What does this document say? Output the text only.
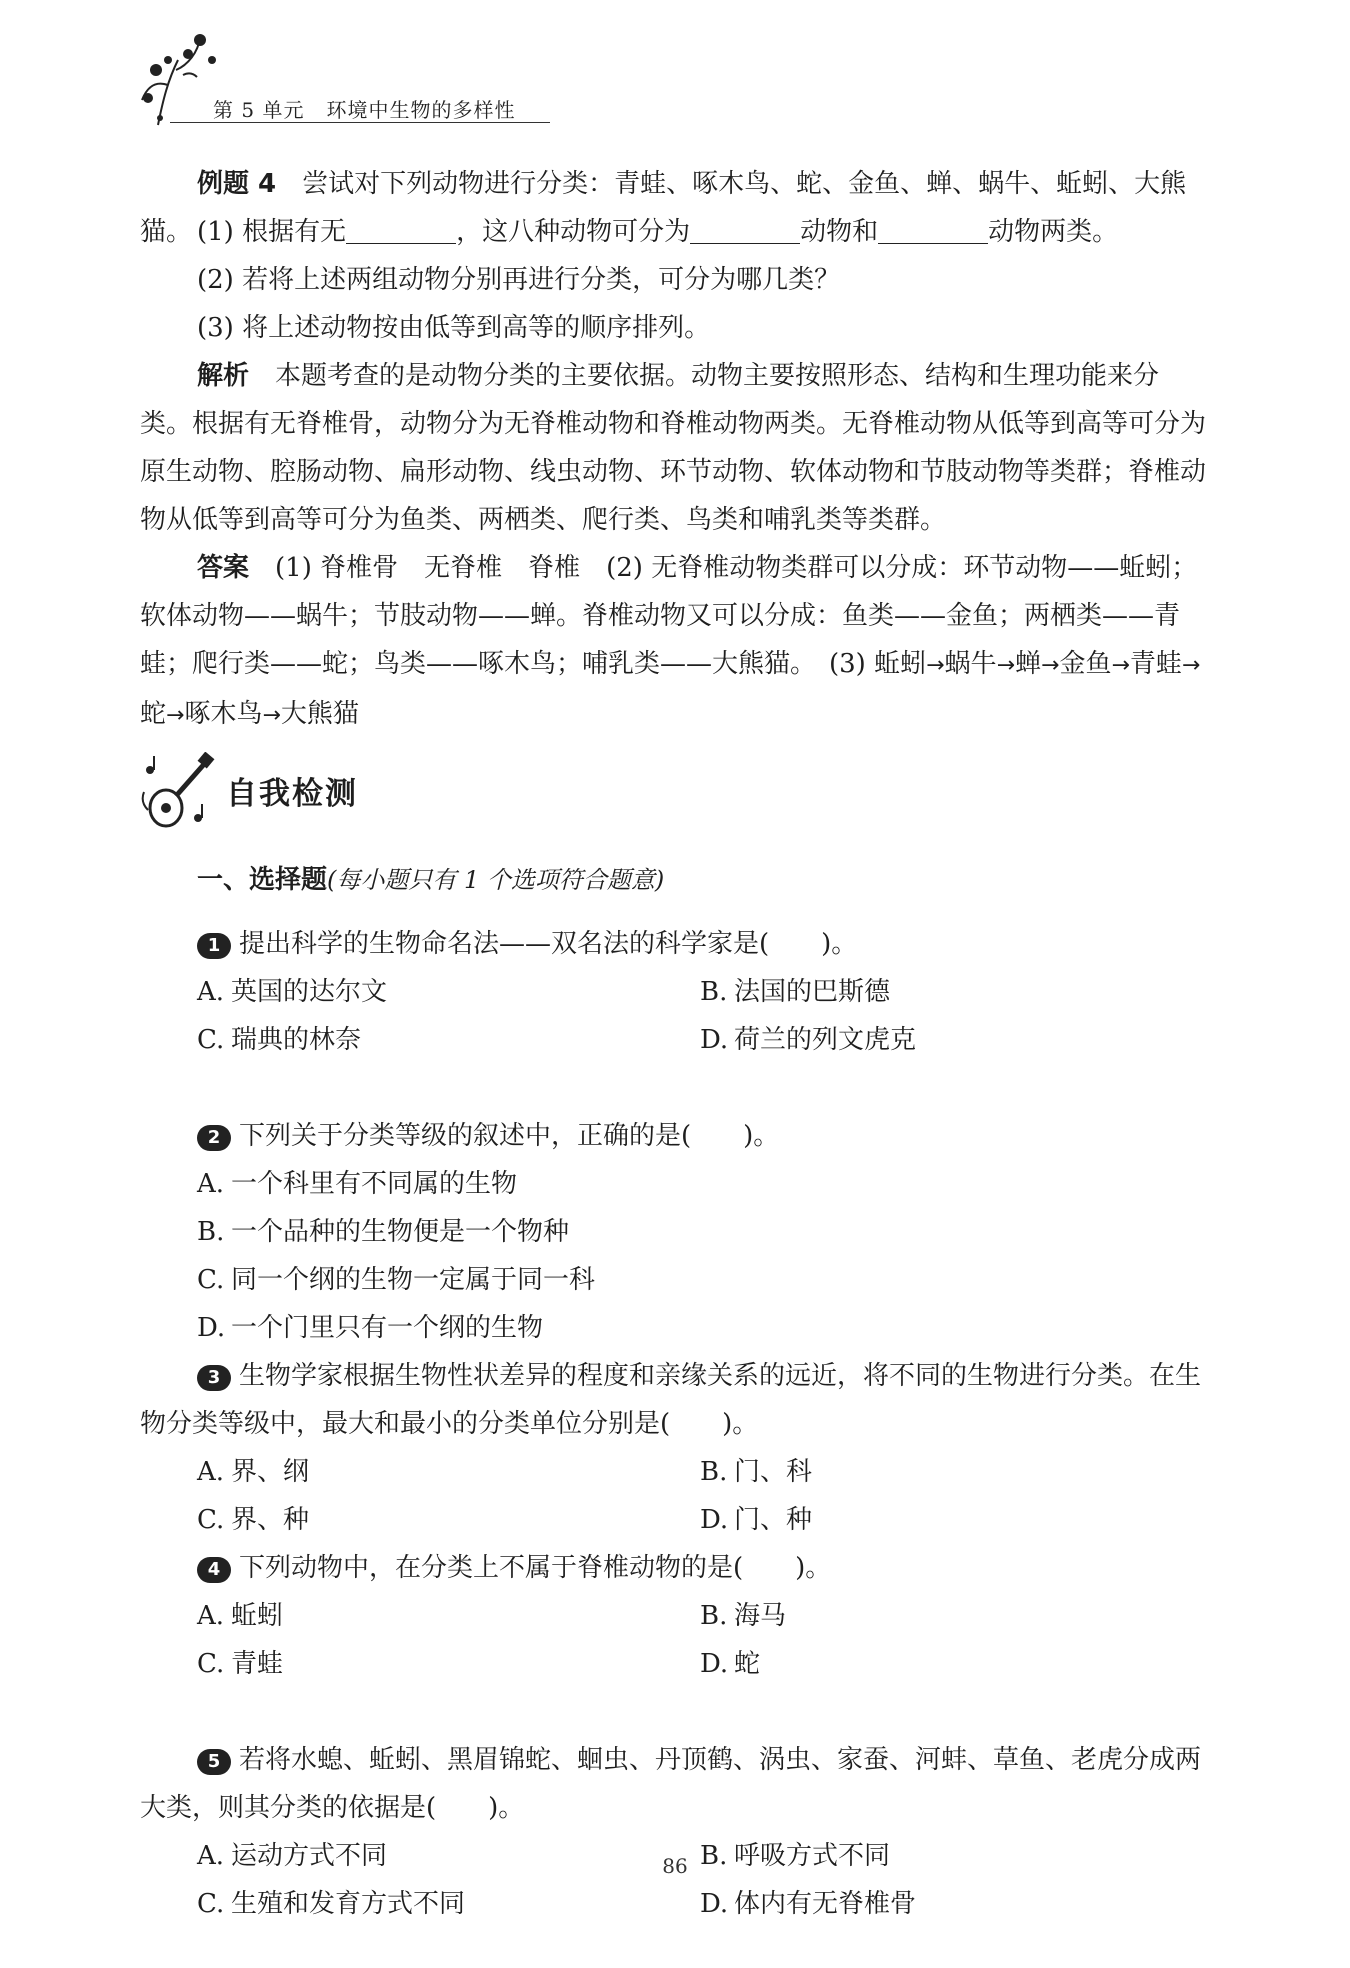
第 5 单元 环境中生物的多样性
例题 4　 尝试对下列动物进行分类：青蛙、啄木鸟、蛇、金鱼、蝉、蜗牛、蚯蚓、大熊猫。 (1) 根据有无	，这八种动物可分为	动物和	动物两类。
(2) 若将上述两组动物分别再进行分类，可分为哪几类？
(3) 将上述动物按由低等到高等的顺序排列。
解析　 本题考查的是动物分类的主要依据。动物主要按照形态、结构和生理功能来分类。根据有无脊椎骨，动物分为无脊椎动物和脊椎动物两类。无脊椎动物从低等到高等可分为原生动物、腔肠动物、扁形动物、线虫动物、环节动物、软体动物和节肢动物等类群；脊椎动物从低等到高等可分为鱼类、两栖类、爬行类、鸟类和哺乳类等类群。
答案　 (1) 脊椎骨　无脊椎　脊椎　(2) 无脊椎动物类群可以分成：环节动物——蚯蚓；软体动物——蜗牛；节肢动物——蝉。脊椎动物又可以分成：鱼类——金鱼；两栖类——青蛙；爬行类——蛇；鸟类——啄木鸟；哺乳类——大熊猫。　(3) 蚯蚓→蜗牛→蝉→金鱼→青蛙→蛇→啄木鸟→大熊猫
自我检测
一、选择题(每小题只有 1 个选项符合题意)
1 提出科学的生物命名法——双名法的科学家是(　　)。
A. 英国的达尔文	B. 法国的巴斯德
C. 瑞典的林奈	D. 荷兰的列文虎克
2 下列关于分类等级的叙述中，正确的是(　　)。
A. 一个科里有不同属的生物
B. 一个品种的生物便是一个物种
C. 同一个纲的生物一定属于同一科
D. 一个门里只有一个纲的生物
3 生物学家根据生物性状差异的程度和亲缘关系的远近，将不同的生物进行分类。在生物分类等级中，最大和最小的分类单位分别是(　　)。
A. 界、纲	B. 门、科
C. 界、种	D. 门、种
4 下列动物中，在分类上不属于脊椎动物的是(　　)。
A. 蚯蚓	B. 海马
C. 青蛙	D. 蛇
5 若将水螅、蚯蚓、黑眉锦蛇、蛔虫、丹顶鹤、涡虫、家蚕、河蚌、草鱼、老虎分成两大类，则其分类的依据是(　　)。
A. 运动方式不同	B. 呼吸方式不同
C. 生殖和发育方式不同	D. 体内有无脊椎骨
86
